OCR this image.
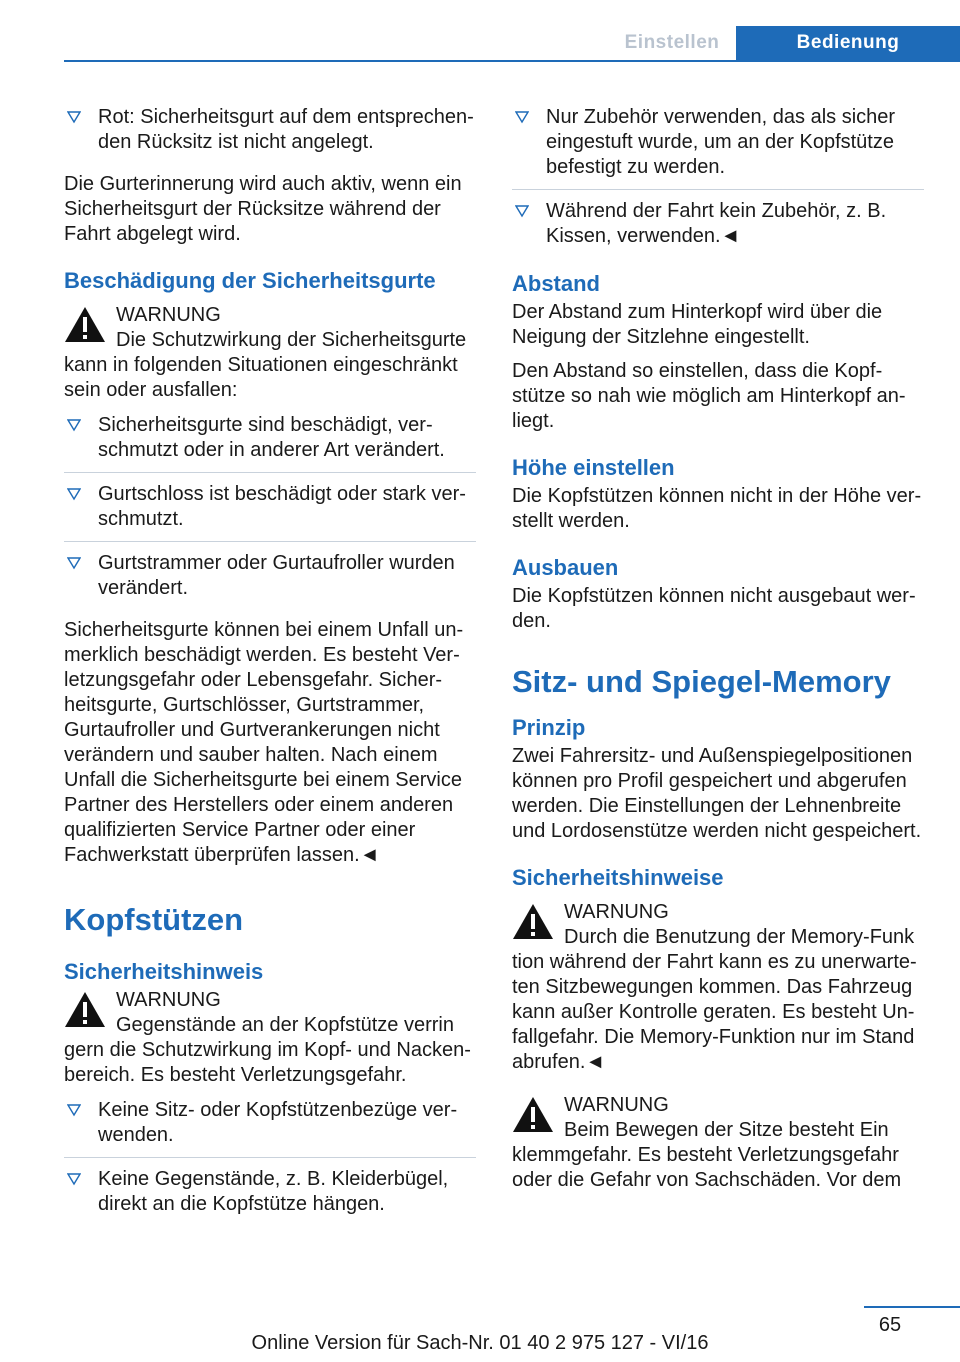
Einstellen	Bedienung
Rot: Sicherheitsgurt auf dem entsprechenden Rücksitz ist nicht angelegt.

Die Gurterinnerung wird auch aktiv, wenn ein Sicherheitsgurt der Rücksitze während der Fahrt abgelegt wird.

Beschädigung der Sicherheitsgurte

WARNUNG

Die Schutzwirkung der Sicherheitsgurte

kann in folgenden Situationen eingeschränkt sein oder ausfallen:

Sicherheitsgurte sind beschädigt, verschmutzt oder in anderer Art verändert.
Gurtschloss ist beschädigt oder stark verschmutzt.
Gurtstrammer oder Gurtaufroller wurden verändert.

Sicherheitsgurte können bei einem Unfall unmerklich beschädigt werden. Es besteht Verletzungsgefahr oder Lebensgefahr. Sicherheitsgurte, Gurtschlösser, Gurtstrammer, Gurtaufroller und Gurtverankerungen nicht verändern und sauber halten. Nach einem Unfall die Sicherheitsgurte bei einem Service Partner des Herstellers oder einem anderen qualifizierten Service Partner oder einer Fachwerkstatt überprüfen lassen.◄

Kopfstützen
Sicherheitshinweis

WARNUNG

Gegenstände an der Kopfstütze verrin

gern die Schutzwirkung im Kopf- und Nackenbereich. Es besteht Verletzungsgefahr.

Keine Sitz- oder Kopfstützenbezüge verwenden.
Keine Gegenstände, z. B. Kleiderbügel, direkt an die Kopfstütze hängen.
Nur Zubehör verwenden, das als sicher eingestuft wurde, um an der Kopfstütze befestigt zu werden.
Während der Fahrt kein Zubehör, z. B. Kissen, verwenden.◄
Abstand

Der Abstand zum Hinterkopf wird über die Neigung der Sitzlehne eingestellt.

Den Abstand so einstellen, dass die Kopfstütze so nah wie möglich am Hinterkopf anliegt.

Höhe einstellen

Die Kopfstützen können nicht in der Höhe verstellt werden.

Ausbauen

Die Kopfstützen können nicht ausgebaut werden.

Sitz- und Spiegel-Memory
Prinzip

Zwei Fahrersitz- und Außenspiegelpositionen können pro Profil gespeichert und abgerufen werden. Die Einstellungen der Lehnenbreite und Lordosenstütze werden nicht gespeichert.

Sicherheitshinweise

WARNUNG

Durch die Benutzung der Memory-Funk

tion während der Fahrt kann es zu unerwarteten Sitzbewegungen kommen. Das Fahrzeug kann außer Kontrolle geraten. Es besteht Unfallgefahr. Die Memory-Funktion nur im Stand abrufen.◄

WARNUNG

Beim Bewegen der Sitze besteht Ein

klemmgefahr. Es besteht Verletzungsgefahr oder die Gefahr von Sachschäden. Vor dem

65
Online Version für Sach-Nr. 01 40 2 975 127 - VI/16
